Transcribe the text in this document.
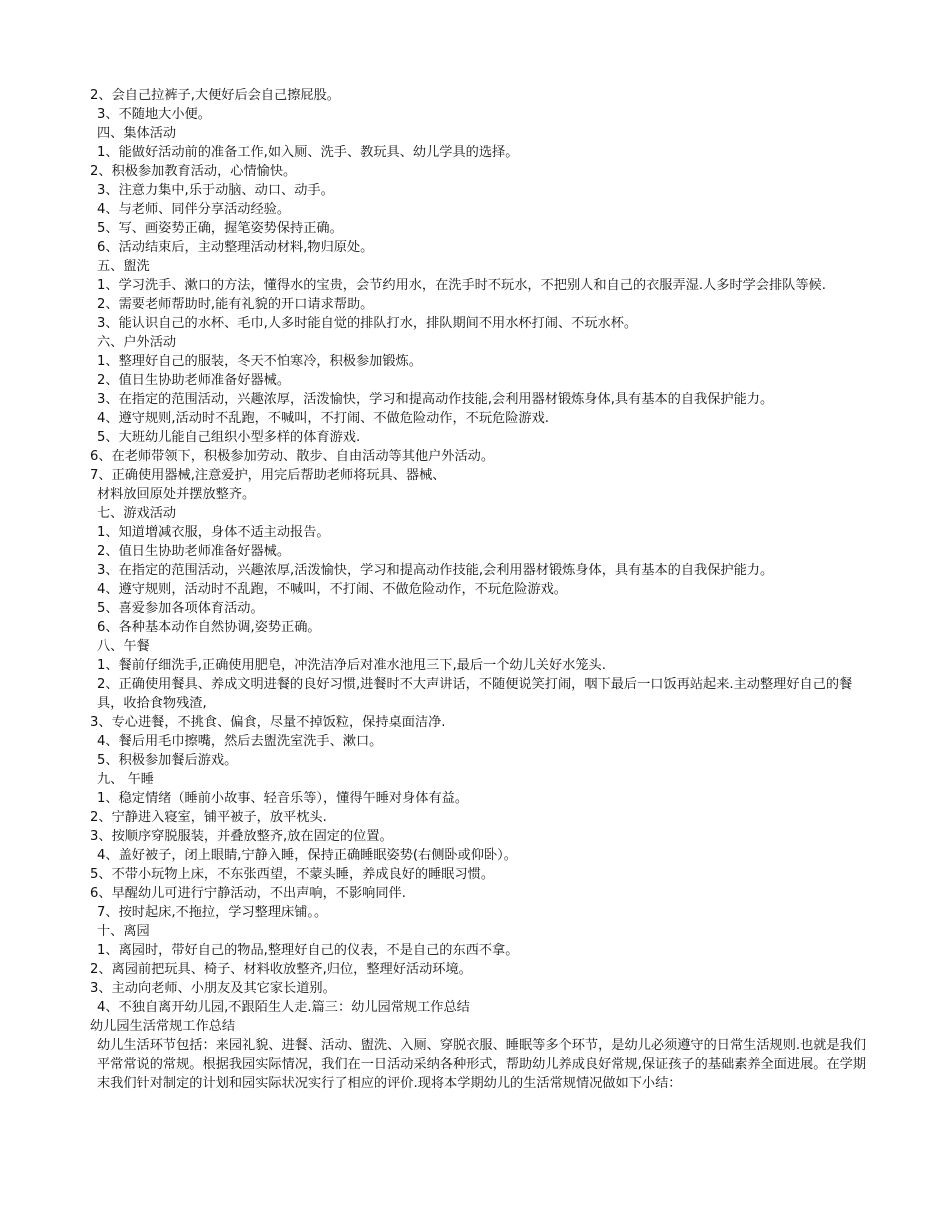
2、会自己拉裤子,大便好后会自己擦屁股。

3、不随地大小便。

四、集体活动

1、能做好活动前的准备工作,如入厕、洗手、教玩具、幼儿学具的选择。

2、积极参加教育活动，心情愉快。

3、注意力集中,乐于动脑、动口、动手。

4、与老师、同伴分享活动经验。

5、写、画姿势正确，握笔姿势保持正确。

6、活动结束后，主动整理活动材料,物归原处。

五、盥洗

1、学习洗手、漱口的方法，懂得水的宝贵，会节约用水，在洗手时不玩水，不把别人和自己的衣服弄湿.人多时学会排队等候.

2、需要老师帮助时,能有礼貌的开口请求帮助。

3、能认识自己的水杯、毛巾,人多时能自觉的排队打水，排队期间不用水杯打闹、不玩水杯。

六、户外活动

1、整理好自己的服装，冬天不怕寒冷，积极参加锻炼。

2、值日生协助老师准备好器械。

3、在指定的范围活动，兴趣浓厚，活泼愉快，学习和提高动作技能,会利用器材锻炼身体,具有基本的自我保护能力。

4、遵守规则,活动时不乱跑，不喊叫，不打闹、不做危险动作，不玩危险游戏.

5、大班幼儿能自己组织小型多样的体育游戏.

6、在老师带领下，积极参加劳动、散步、自由活动等其他户外活动。

7、正确使用器械,注意爱护，用完后帮助老师将玩具、器械、

材料放回原处并摆放整齐。

七、游戏活动

1、知道增减衣服，身体不适主动报告。

2、值日生协助老师准备好器械。

3、在指定的范围活动，兴趣浓厚,活泼愉快，学习和提高动作技能,会利用器材锻炼身体，具有基本的自我保护能力。

4、遵守规则，活动时不乱跑，不喊叫，不打闹、不做危险动作，不玩危险游戏。

5、喜爱参加各项体育活动。

6、各种基本动作自然协调,姿势正确。

八、午餐

1、餐前仔细洗手,正确使用肥皂，冲洗洁净后对准水池甩三下,最后一个幼儿关好水笼头.

2、正确使用餐具、养成文明进餐的良好习惯,进餐时不大声讲话，不随便说笑打闹，咽下最后一口饭再站起来.主动整理好自己的餐具，收拾食物残渣,

3、专心进餐，不挑食、偏食，尽量不掉饭粒，保持桌面洁净.

4、餐后用毛巾擦嘴，然后去盥洗室洗手、漱口。

5、积极参加餐后游戏。

九、 午睡

1、稳定情绪（睡前小故事、轻音乐等），懂得午睡对身体有益。

2、宁静进入寝室，铺平被子，放平枕头.

3、按顺序穿脱服装，并叠放整齐,放在固定的位置。

4、盖好被子，闭上眼睛,宁静入睡，保持正确睡眠姿势(右侧卧或仰卧）。

5、不带小玩物上床，不东张西望，不蒙头睡，养成良好的睡眠习惯。

6、早醒幼儿可进行宁静活动，不出声响，不影响同伴.

7、按时起床,不拖拉，学习整理床铺。。

十、离园

1、离园时，带好自己的物品,整理好自己的仪表，不是自己的东西不拿。

2、离园前把玩具、椅子、材料收放整齐,归位，整理好活动环境。

3、主动向老师、小朋友及其它家长道别。

4、不独自离开幼儿园,不跟陌生人走.篇三：幼儿园常规工作总结

幼儿园生活常规工作总结

幼儿生活环节包括：来园礼貌、进餐、活动、盥洗、入厕、穿脱衣服、睡眠等多个环节，是幼儿必须遵守的日常生活规则.也就是我们平常常说的常规。根据我园实际情况，我们在一日活动采纳各种形式，帮助幼儿养成良好常规,保证孩子的基础素养全面进展。在学期末我们针对制定的计划和园实际状况实行了相应的评价.现将本学期幼儿的生活常规情况做如下小结：
